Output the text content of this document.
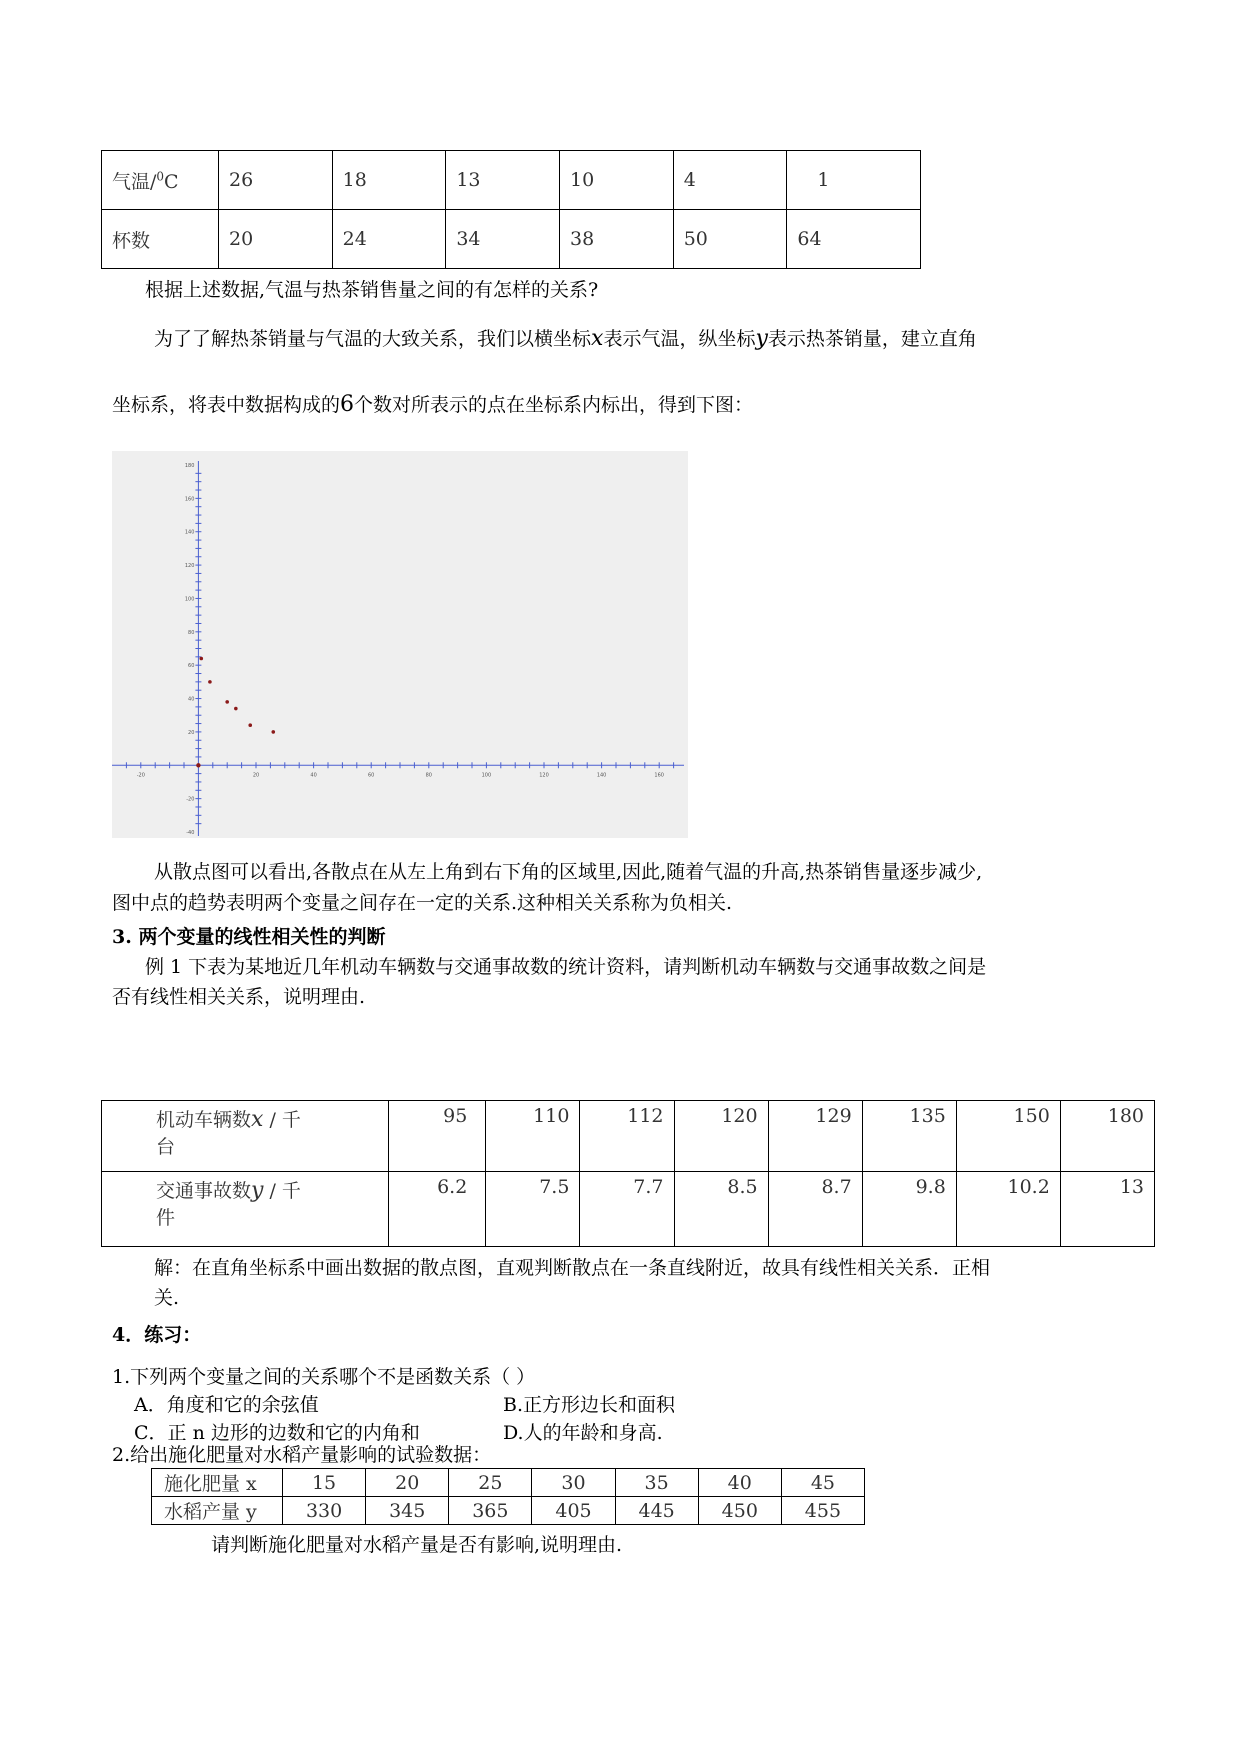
气温/$^0$C	26	18	13	10	4	1
杯数	20	24	34	38	50	64
根据上述数据,气温与热茶销售量之间的有怎样的关系?
为了了解热茶销量与气温的大致关系，我们以横坐标x表示气温，纵坐标y表示热茶销量，建立直角
坐标系，将表中数据构成的6个数对所表示的点在坐标系内标出，得到下图：
-20	20	40	60	80	100	120	140	160
180
160
140
120
100
80
60
40
20
-20
-40
从散点图可以看出,各散点在从左上角到右下角的区域里,因此,随着气温的升高,热茶销售量逐步减少,
图中点的趋势表明两个变量之间存在一定的关系.这种相关关系称为负相关.
3. 两个变量的线性相关性的判断
例 1 下表为某地近几年机动车辆数与交通事故数的统计资料，请判断机动车辆数与交通事故数之间是
否有线性相关关系，说明理由.
机动车辆数x / 千
台	95	110	112	120	129	135	150	180
交通事故数y / 千
件	6.2	7.5	7.7	8.5	8.7	9.8	10.2	13
解：在直角坐标系中画出数据的散点图，直观判断散点在一条直线附近，故具有线性相关关系．正相
关.
4．练习：
1.下列两个变量之间的关系哪个不是函数关系（ ）
A．角度和它的余弦值	B.正方形边长和面积
C．正 n 边形的边数和它的内角和	D.人的年龄和身高.
2.给出施化肥量对水稻产量影响的试验数据：
施化肥量 x	15	20	25	30	35	40	45
水稻产量 y	330	345	365	405	445	450	455
请判断施化肥量对水稻产量是否有影响,说明理由.
